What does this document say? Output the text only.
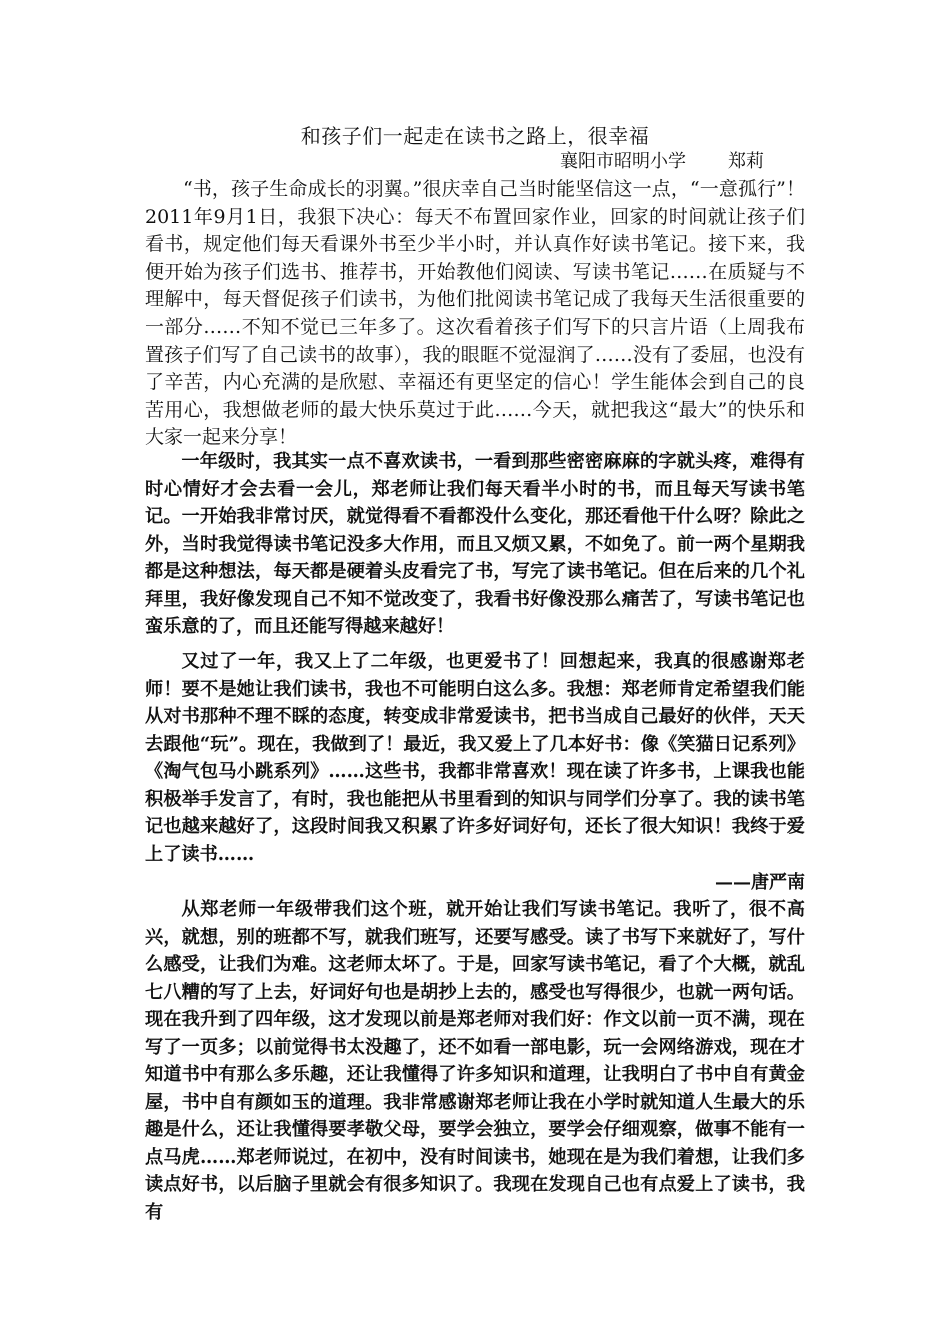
和孩子们一起走在读书之路上，很幸福
襄阳市昭明小学 郑莉

“书，孩子生命成长的羽翼。”很庆幸自己当时能坚信这一点，“一意孤行”！2011年9月1日，我狠下决心：每天不布置回家作业，回家的时间就让孩子们看书，规定他们每天看课外书至少半小时，并认真作好读书笔记。接下来，我便开始为孩子们选书、推荐书，开始教他们阅读、写读书笔记……在质疑与不理解中，每天督促孩子们读书，为他们批阅读书笔记成了我每天生活很重要的一部分……不知不觉已三年多了。这次看着孩子们写下的只言片语（上周我布置孩子们写了自己读书的故事），我的眼眶不觉湿润了……没有了委屈，也没有了辛苦，内心充满的是欣慰、幸福还有更坚定的信心！学生能体会到自己的良苦用心，我想做老师的最大快乐莫过于此……今天，就把我这“最大”的快乐和大家一起来分享！

一年级时，我其实一点不喜欢读书，一看到那些密密麻麻的字就头疼，难得有时心情好才会去看一会儿，郑老师让我们每天看半小时的书，而且每天写读书笔记。一开始我非常讨厌，就觉得看不看都没什么变化，那还看他干什么呀？除此之外，当时我觉得读书笔记没多大作用，而且又烦又累，不如免了。前一两个星期我都是这种想法，每天都是硬着头皮看完了书，写完了读书笔记。但在后来的几个礼拜里，我好像发现自己不知不觉改变了，我看书好像没那么痛苦了，写读书笔记也蛮乐意的了，而且还能写得越来越好！

又过了一年，我又上了二年级，也更爱书了！回想起来，我真的很感谢郑老师！要不是她让我们读书，我也不可能明白这么多。我想：郑老师肯定希望我们能从对书那种不理不睬的态度，转变成非常爱读书，把书当成自己最好的伙伴，天天去跟他“玩”。现在，我做到了！最近，我又爱上了几本好书：像《笑猫日记系列》《淘气包马小跳系列》……这些书，我都非常喜欢！现在读了许多书，上课我也能积极举手发言了，有时，我也能把从书里看到的知识与同学们分享了。我的读书笔记也越来越好了，这段时间我又积累了许多好词好句，还长了很大知识！我终于爱上了读书……

——唐严南

从郑老师一年级带我们这个班，就开始让我们写读书笔记。我听了，很不高兴，就想，别的班都不写，就我们班写，还要写感受。读了书写下来就好了，写什么感受，让我们为难。这老师太坏了。于是，回家写读书笔记，看了个大概，就乱七八糟的写了上去，好词好句也是胡抄上去的，感受也写得很少，也就一两句话。现在我升到了四年级，这才发现以前是郑老师对我们好：作文以前一页不满，现在写了一页多；以前觉得书太没趣了，还不如看一部电影，玩一会网络游戏，现在才知道书中有那么多乐趣，还让我懂得了许多知识和道理，让我明白了书中自有黄金屋，书中自有颜如玉的道理。我非常感谢郑老师让我在小学时就知道人生最大的乐趣是什么，还让我懂得要孝敬父母，要学会独立，要学会仔细观察，做事不能有一点马虎……郑老师说过，在初中，没有时间读书，她现在是为我们着想，让我们多读点好书，以后脑子里就会有很多知识了。我现在发现自己也有点爱上了读书，我有
